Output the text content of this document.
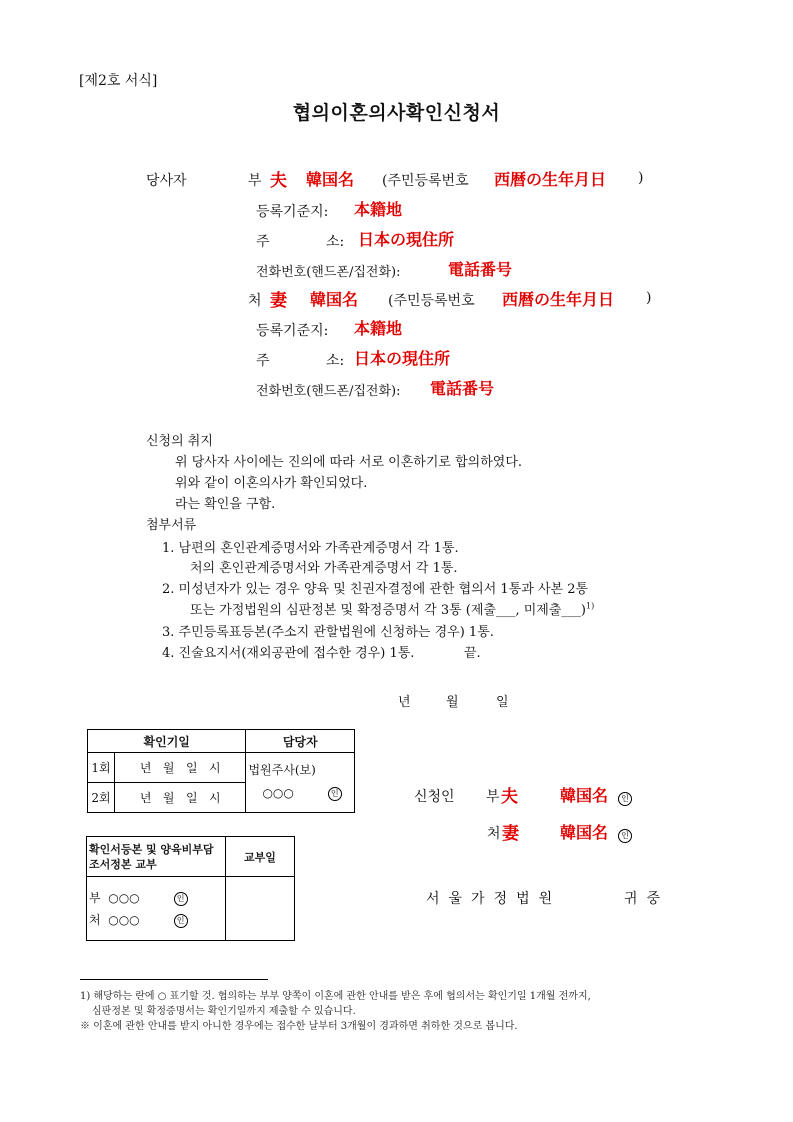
[제2호 서식]
협의이혼의사확인신청서
당사자	부 夫 韓国名 (주민등록번호 西暦の生年月日 )
등록기준지: 本籍地
주	소: 日本の現住所
전화번호(핸드폰/집전화):	電話番号
처 妻 韓国名 (주민등록번호 西暦の生年月日 )
등록기준지: 本籍地
주	소: 日本の現住所
전화번호(핸드폰/집전화): 電話番号
신청의 취지
위 당사자 사이에는 진의에 따라 서로 이혼하기로 합의하였다.
위와 같이 이혼의사가 확인되었다.
라는 확인을 구함.
첨부서류
1. 남편의 혼인관계증명서와 가족관계증명서 각 1통.
처의 혼인관계증명서와 가족관계증명서 각 1통.
2. 미성년자가 있는 경우 양육 및 친권자결정에 관한 협의서 1통과 사본 2통
또는 가정법원의 심판정본 및 확정증명서 각 3통 (제출___, 미제출___)$^{1)}$
3. 주민등록표등본(주소지 관할법원에 신청하는 경우) 1통.
4. 진술요지서(재외공관에 접수한 경우) 1통.	끝.
년	월	일
확인기일		담당자
1회	년 월 일 시	법원주사(보)
○○○ 인

2회	년 월 일 시	
확인서등본 및 양육비부담조서정본 교부	교부일

부 ○○○ 인
처 ○○○ 인	

신청인 부 夫	韓国名	인
처 妻	韓国名	인
서울가정법원	귀중
1) 해당하는 란에 ○ 표기할 것. 협의하는 부부 양쪽이 이혼에 관한 안내를 받은 후에 협의서는 확인기일 1개월 전까지,
심판정본 및 확정증명서는 확인기일까지 제출할 수 있습니다.
※ 이혼에 관한 안내를 받지 아니한 경우에는 접수한 날부터 3개월이 경과하면 취하한 것으로 봅니다.
